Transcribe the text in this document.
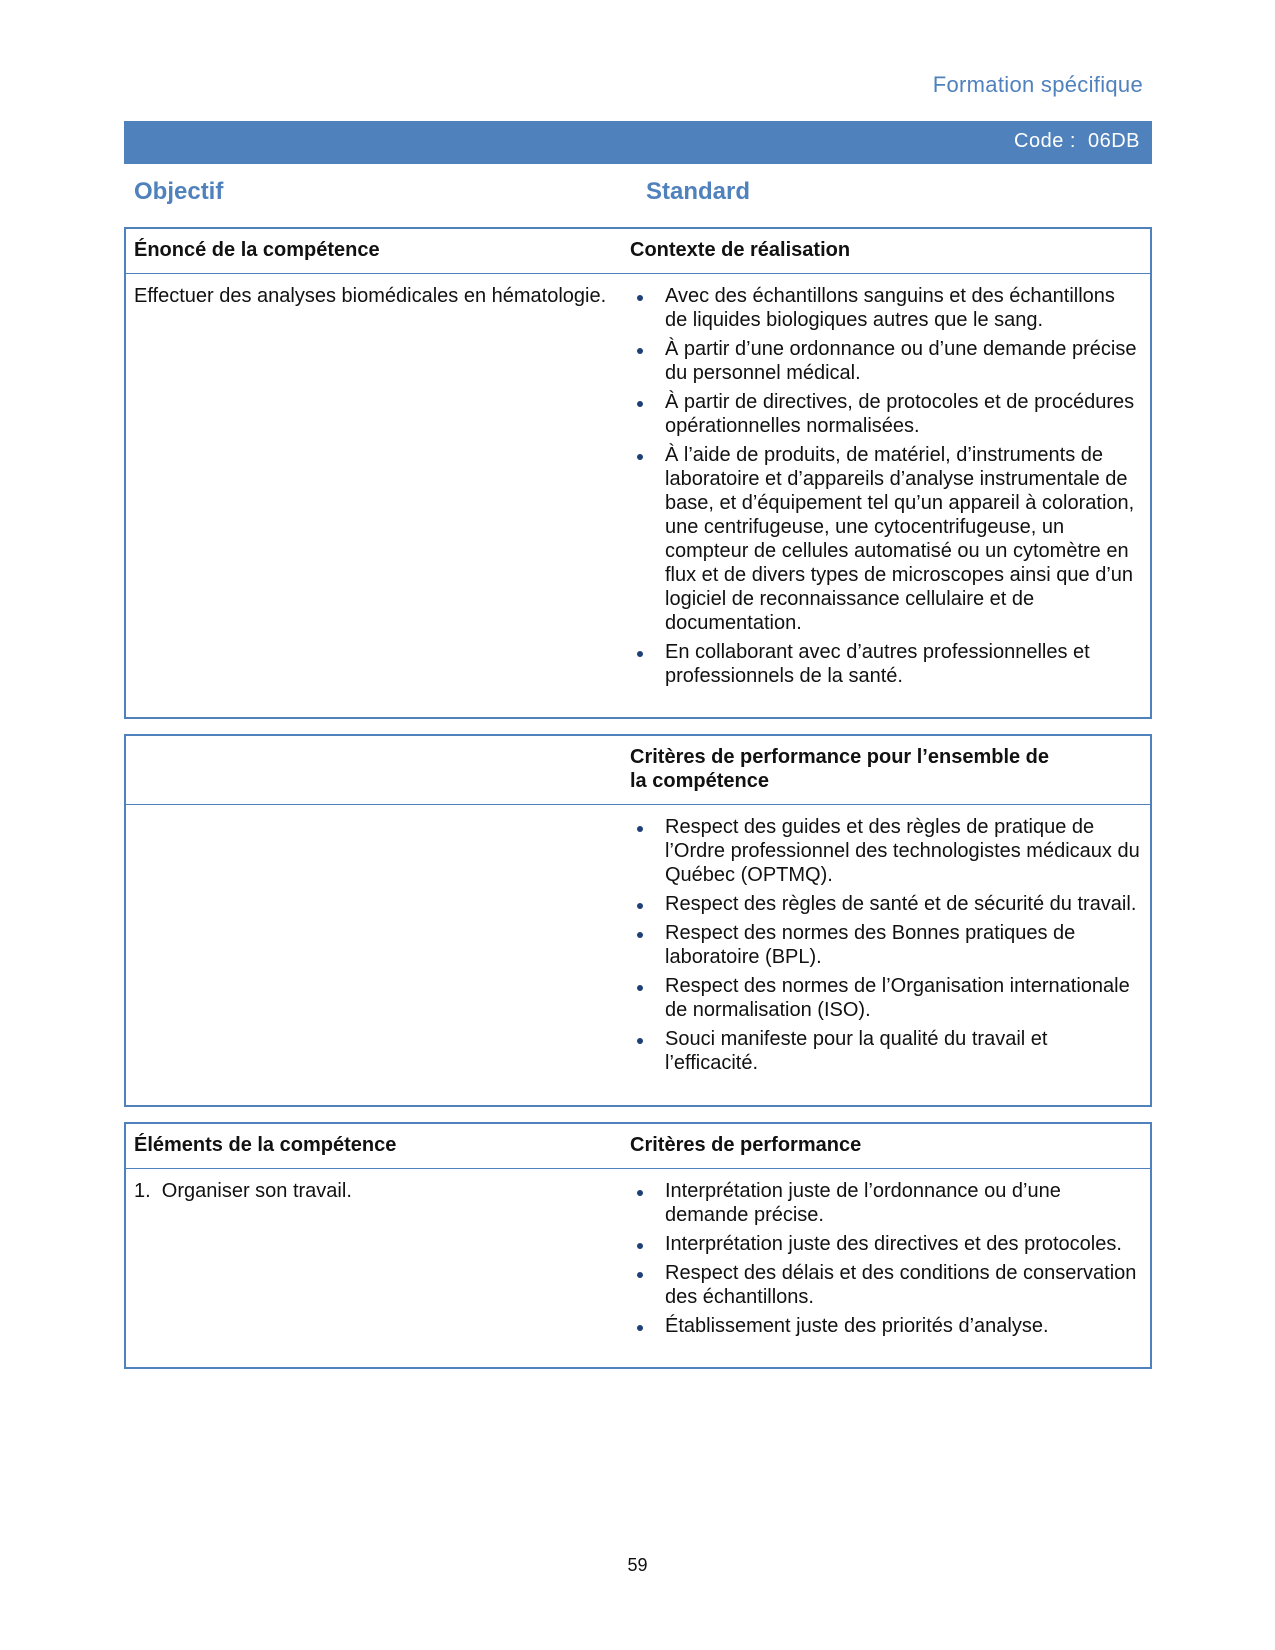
Formation spécifique
Code : 06DB
Objectif	Standard
Énoncé de la compétence	Contexte de réalisation
Effectuer des analyses biomédicales en hématologie.	Avec des échantillons sanguins et des échantillons de liquides biologiques autres que le sang.
À partir d’une ordonnance ou d’une demande précise du personnel médical.
À partir de directives, de protocoles et de procédures opérationnelles normalisées.
À l’aide de produits, de matériel, d’instruments de laboratoire et d’appareils d’analyse instrumentale de base, et d’équipement tel qu’un appareil à coloration, une centrifugeuse, une cytocentrifugeuse, un compteur de cellules automatisé ou un cytomètre en flux et de divers types de microscopes ainsi que d’un logiciel de reconnaissance cellulaire et de documentation.
En collaborant avec d’autres professionnelles et professionnels de la santé.
Critères de performance pour l’ensemble de la compétence
Respect des guides et des règles de pratique de l’Ordre professionnel des technologistes médicaux du Québec (OPTMQ).
Respect des règles de santé et de sécurité du travail.
Respect des normes des Bonnes pratiques de laboratoire (BPL).
Respect des normes de l’Organisation internationale de normalisation (ISO).
Souci manifeste pour la qualité du travail et l’efficacité.
Éléments de la compétence	Critères de performance
1.  Organiser son travail.	Interprétation juste de l’ordonnance ou d’une demande précise.
Interprétation juste des directives et des protocoles.
Respect des délais et des conditions de conservation des échantillons.
Établissement juste des priorités d’analyse.
59
